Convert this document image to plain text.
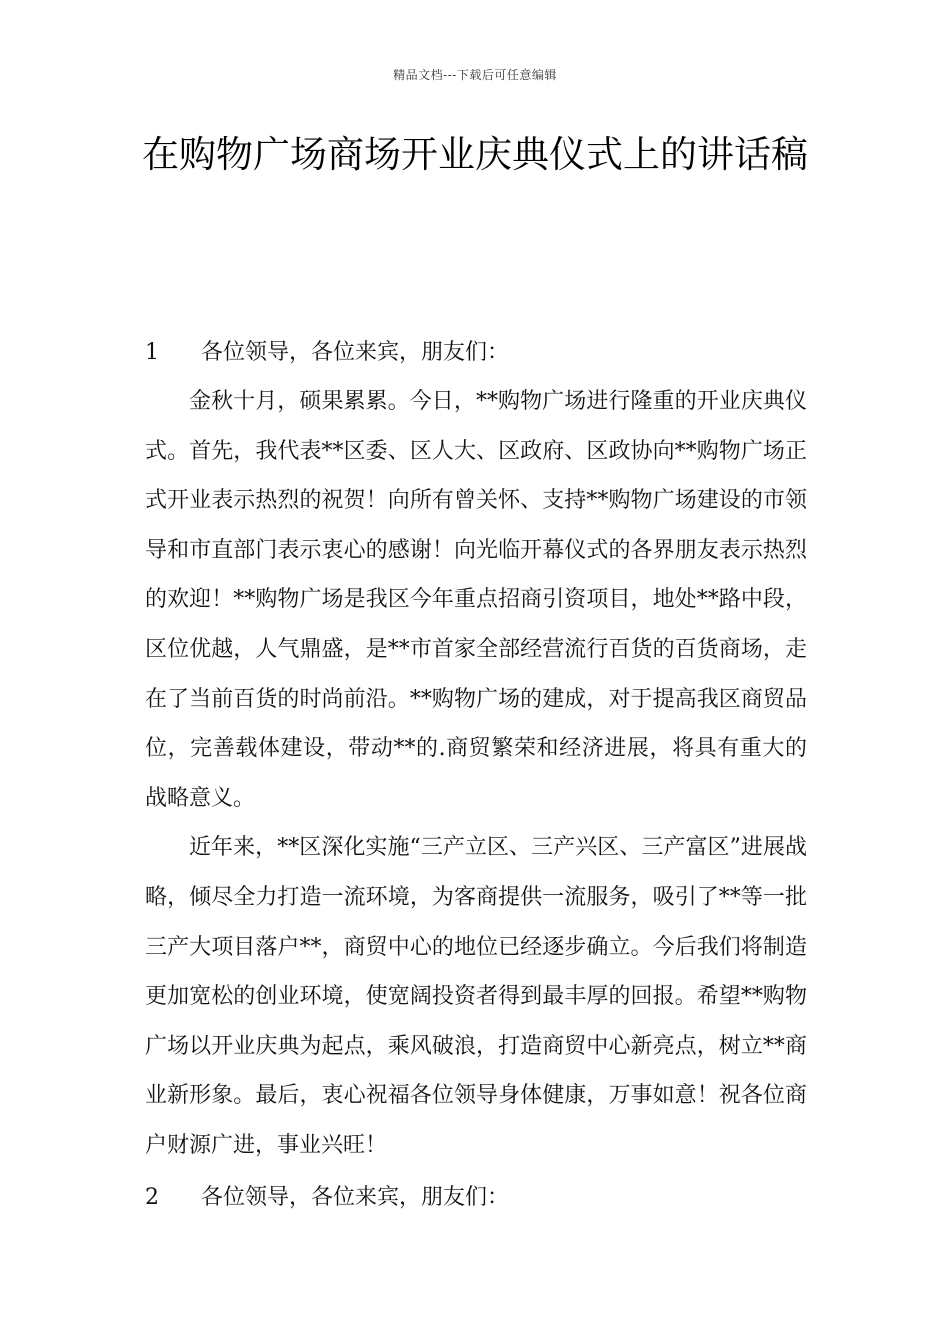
精品文档---下载后可任意编辑
在购物广场商场开业庆典仪式上的讲话稿
1 各位领导，各位来宾，朋友们：

金秋十月，硕果累累。今日，**购物广场进行隆重的开业庆典仪式。首先，我代表**区委、区人大、区政府、区政协向**购物广场正式开业表示热烈的祝贺！向所有曾关怀、支持**购物广场建设的市领导和市直部门表示衷心的感谢！向光临开幕仪式的各界朋友表示热烈的欢迎！**购物广场是我区今年重点招商引资项目，地处**路中段，区位优越，人气鼎盛，是**市首家全部经营流行百货的百货商场，走在了当前百货的时尚前沿。**购物广场的建成，对于提高我区商贸品位，完善载体建设，带动**的.商贸繁荣和经济进展，将具有重大的战略意义。

近年来，**区深化实施“三产立区、三产兴区、三产富区”进展战略，倾尽全力打造一流环境，为客商提供一流服务，吸引了**等一批三产大项目落户**，商贸中心的地位已经逐步确立。今后我们将制造更加宽松的创业环境，使宽阔投资者得到最丰厚的回报。希望**购物广场以开业庆典为起点，乘风破浪，打造商贸中心新亮点，树立**商业新形象。最后，衷心祝福各位领导身体健康，万事如意！祝各位商户财源广进，事业兴旺！

2 各位领导，各位来宾，朋友们：
